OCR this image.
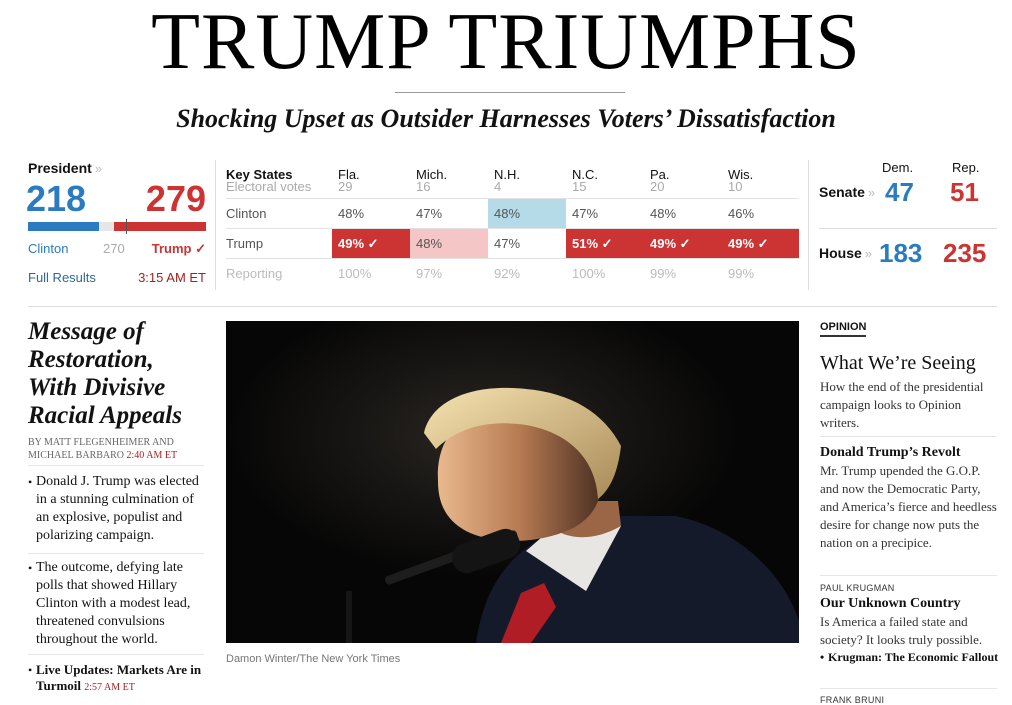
TRUMP TRIUMPHS
Shocking Upset as Outsider Harnesses Voters’ Dissatisfaction
President »
218 279
Clinton	270	Trump ✓
Full Results	3:15 AM ET
Key States	Fla.	Mich.	N.H.	N.C.	Pa.	Wis.
Electoral votes	29	16	4	15	20	10
Clinton	48%	47%	48%	47%	48%	46%
Trump	49% ✓	48%	47%	51% ✓	49% ✓	49% ✓
Reporting	100%	97%	92%	100%	99%	99%
Dem.	Rep.
Senate » 47 51
House » 183 235
Message of Restoration, With Divisive Racial Appeals
BY MATT FLEGENHEIMER AND MICHAEL BARBARO 2:40 AM ET
• Donald J. Trump was elected in a stunning culmination of an explosive, populist and polarizing campaign.
• The outcome, defying late polls that showed Hillary Clinton with a modest lead, threatened convulsions throughout the world.
• Live Updates: Markets Are in Turmoil 2:57 AM ET
Damon Winter/The New York Times
OPINION
What We’re Seeing
How the end of the presidential campaign looks to Opinion writers.
Donald Trump’s Revolt
Mr. Trump upended the G.O.P. and now the Democratic Party, and America’s fierce and heedless desire for change now puts the nation on a precipice.
PAUL KRUGMAN
Our Unknown Country
Is America a failed state and society? It looks truly possible.
• Krugman: The Economic Fallout
FRANK BRUNI
